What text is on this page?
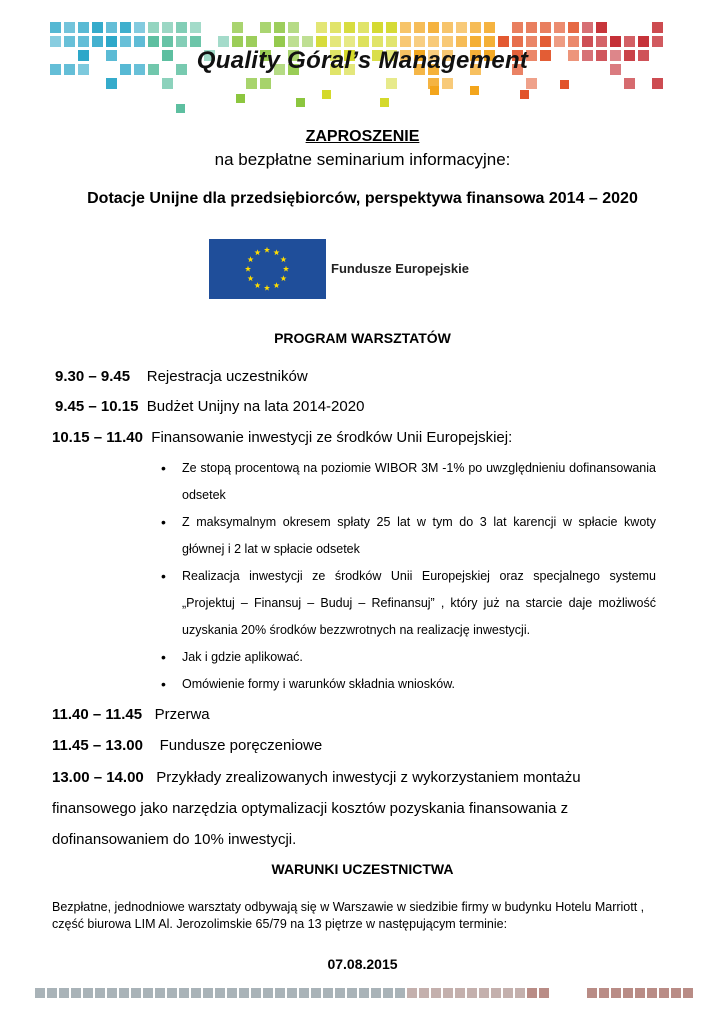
Quality Góral’s Management
ZAPROSZENIE
na bezpłatne seminarium informacyjne:
Dotacje Unijne dla przedsiębiorców, perspektywa finansowa 2014 – 2020
Fundusze Europejskie
PROGRAM WARSZTATÓW
9.30 – 9.45 Rejestracja uczestników
9.45 – 10.15 Budżet Unijny na lata 2014-2020
10.15 – 11.40 Finansowanie inwestycji ze środków Unii Europejskiej:
• Ze stopą procentową na poziomie WIBOR 3M -1% po uwzględnieniu dofinansowania odsetek
• Z maksymalnym okresem spłaty 25 lat w tym do 3 lat karencji w spłacie kwoty głównej i 2 lat w spłacie odsetek
• Realizacja inwestycji ze środków Unii Europejskiej oraz specjalnego systemu „Projektuj – Finansuj – Buduj – Refinansuj” , który już na starcie daje możliwość uzyskania 20% środków bezzwrotnych na realizację inwestycji.
• Jak i gdzie aplikować.
• Omówienie formy i warunków składnia wniosków.
11.40 – 11.45 Przerwa
11.45 – 13.00 Fundusze poręczeniowe
13.00 – 14.00 Przykłady zrealizowanych inwestycji z wykorzystaniem montażu finansowego jako narzędzia optymalizacji kosztów pozyskania finansowania z dofinansowaniem do 10% inwestycji.
WARUNKI UCZESTNICTWA
Bezpłatne, jednodniowe warsztaty odbywają się w Warszawie w siedzibie firmy w budynku Hotelu Marriott , część biurowa LIM Al. Jerozolimskie 65/79 na 13 piętrze w następującym terminie:
07.08.2015
